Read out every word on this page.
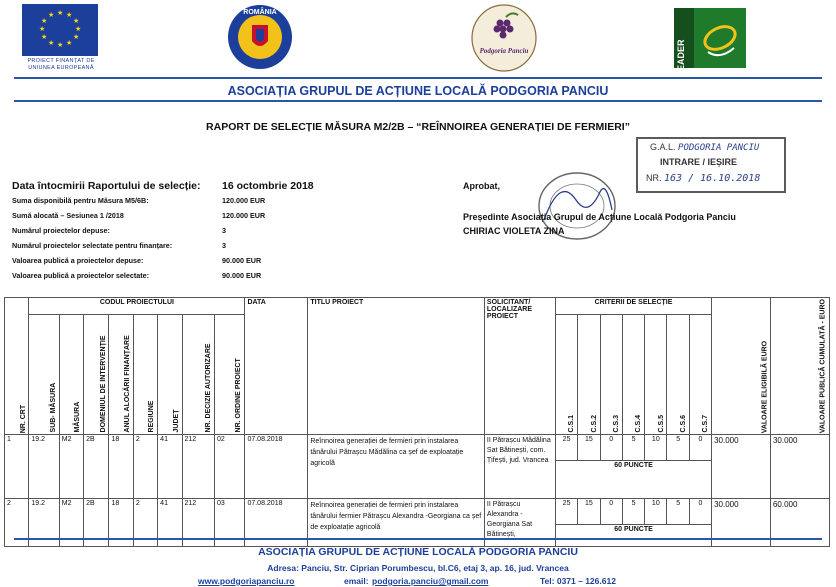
★ ★
★
★
★
★
★
★
★
★
★
★
PROIECT FINANȚAT DE
UNIUNEA EUROPEANĂ
ROMÂNIA
Podgoria Panciu	LEADER
ASOCIAȚIA GRUPUL DE ACȚIUNE LOCALĂ PODGORIA PANCIU
RAPORT DE SELECȚIE MĂSURA M2/2B – “REÎNNOIREA GENERAȚIEI DE FERMIERI”
G.A.L. PODGORIA PANCIU
INTRARE / IEȘIRE
NR. 163 / 16.10.2018
Data întocmirii Raportului de selecție: 16 octombrie 2018
Suma disponibilă pentru Măsura M5/6B:	120.000 EUR
Sumă alocată – Sesiunea 1 /2018	120.000 EUR
Numărul proiectelor depuse:	3
Numărul proiectelor selectate pentru finanțare:	3
Valoarea publică a proiectelor depuse:	90.000 EUR
Valoarea publică a proiectelor selectate:	90.000 EUR
Aprobat,
Președinte Asociația Grupul de Acțiune Locală Podgoria Panciu
CHIRIAC VIOLETA ZINA
NR. CRT	CODUL PROIECTULUI								DATA	TITLU PROIECT	SOLICITANT/ LOCALIZARE PROIECT	CRITERII DE SELECȚIE							VALOARE ELIGIBILĂ EURO	VALOARE PUBLICĂ CUMULATĂ - EURO
	SUB- MĂSURA	MĂSURA	DOMENIUL DE INTERVENȚIE	ANUL ALOCĂRII FINANȚARE	REGIUNE	JUDEȚ	NR. DECIZIE AUTORIZARE	NR. ORDINE PROIECT				C.S.1	C.S.2	C.S.3	C.S.4	C.S.5	C.S.6	C.S.7		
1	19.2	M2	2B	18	2	41	212	02	07.08.2018	Reînnoirea generației de fermieri prin instalarea tânărului Pătrașcu Mădălina ca șef de exploatație agricolă	II Pătrașcu Mădălina Sat Bătinești, com. Țifești, jud. Vrancea	25	15	0	5	10	5	0	30.000	30.000
												60 PUNCTE								
2	19.2	M2	2B	18	2	41	212	03	07.08.2018	Reînnoirea generației de fermieri prin instalarea tânărului fermier Pătrașcu Alexandra -Georgiana ca șef de exploatație agricolă	II Pătrașcu Alexandra - Georgiana Sat Bătinești,	25	15	0	5	10	5	0	30.000	60.000
												60 PUNCTE								
ASOCIAȚIA GRUPUL DE ACȚIUNE LOCALĂ PODGORIA PANCIU
Adresa: Panciu, Str. Ciprian Porumbescu, bl.C6, etaj 3, ap. 16, jud. Vrancea
www.podgoriapanciu.ro	email: podgoria.panciu@gmail.com	Tel: 0371 – 126.612
